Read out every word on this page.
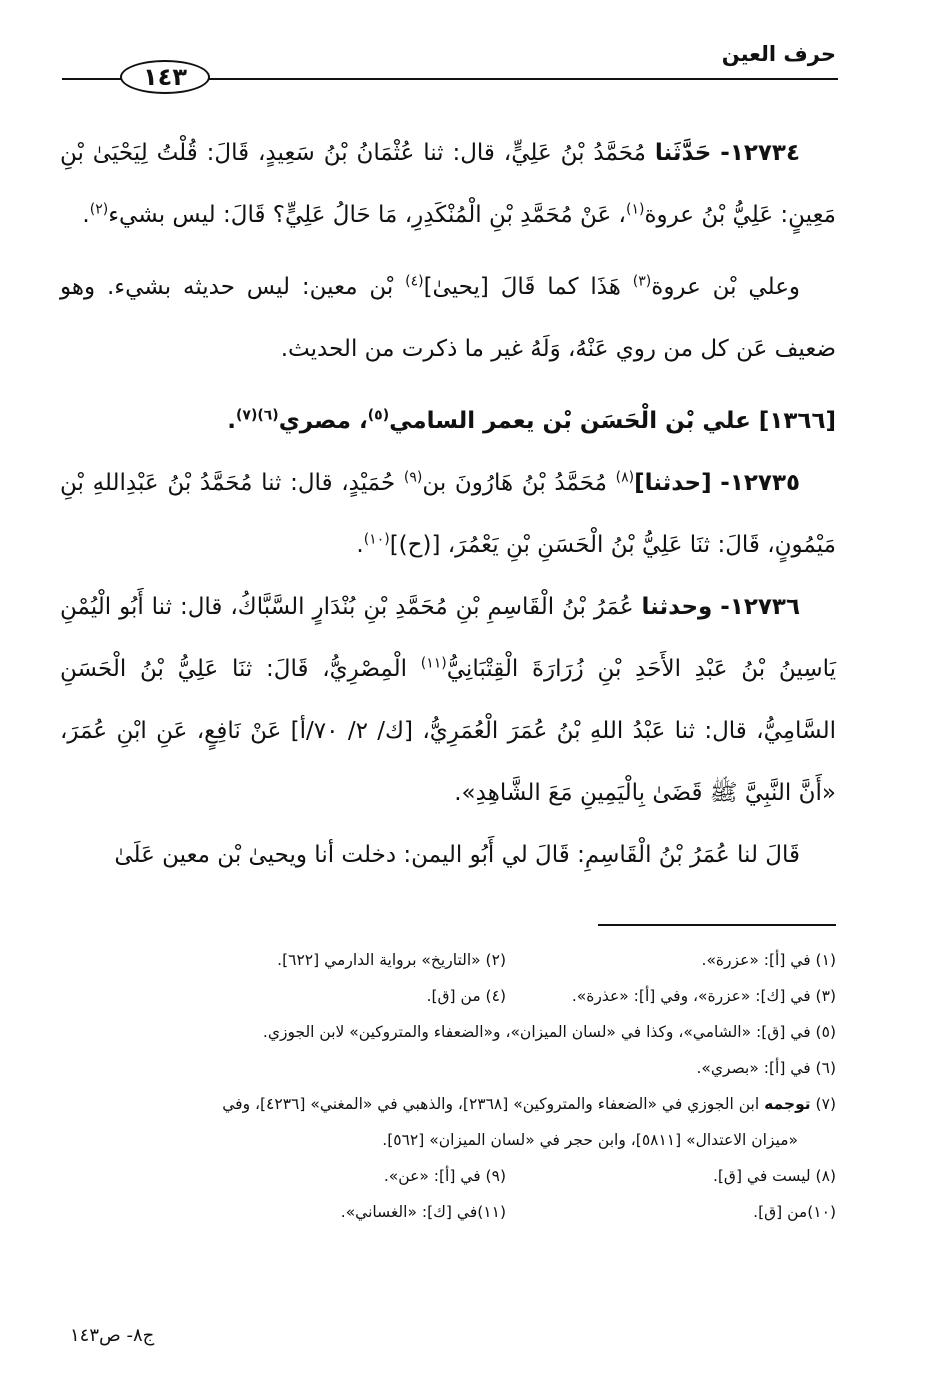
حرف العين
١٤٣

١٢٧٣٤- حَدَّثَنا مُحَمَّدُ بْنُ عَلِيٍّ، قال: ثنا عُثْمَانُ بْنُ سَعِيدٍ، قَالَ: قُلْتُ لِيَحْيَىٰ بْنِ مَعِينٍ: عَلِيُّ بْنُ عروة$^{(١)}$، عَنْ مُحَمَّدِ بْنِ الْمُنْكَدِرِ، مَا حَالُ عَلِيٍّ؟ قَالَ: ليس بشيء$^{(٢)}$.

وعلي بْن عروة$^{(٣)}$ هَذَا كما قَالَ [يحيىٰ]$^{(٤)}$ بْن معين: ليس حديثه بشيء. وهو ضعيف عَن كل من روي عَنْهُ، وَلَهُ غير ما ذكرت من الحديث.

[١٣٦٦] علي بْن الْحَسَن بْن يعمر السامي$^{(٥)}$، مصري$^{(٦)(٧)}$.

١٢٧٣٥- [حدثنا]$^{(٨)}$ مُحَمَّدُ بْنُ هَارُونَ بن$^{(٩)}$ حُمَيْدٍ، قال: ثنا مُحَمَّدُ بْنُ عَبْدِاللهِ بْنِ مَيْمُونٍ، قَالَ: ثنَا عَلِيُّ بْنُ الْحَسَنِ بْنِ يَعْمُرَ، [(ح)]$^{(١٠)}$.

١٢٧٣٦- وحدثنا عُمَرُ بْنُ الْقَاسِمِ بْنِ مُحَمَّدِ بْنِ بُنْدَارٍ السَّبَّاكُ، قال: ثنا أَبُو الْيُمْنِ يَاسِينُ بْنُ عَبْدِ الأَحَدِ بْنِ زُرَارَةَ الْقِتْبَانِيُّ$^{(١١)}$ الْمِصْرِيُّ، قَالَ: ثنَا عَلِيُّ بْنُ الْحَسَنِ السَّامِيُّ، قال: ثنا عَبْدُ اللهِ بْنُ عُمَرَ الْعُمَرِيُّ، [ك/ ٢/ ٧٠/أ] عَنْ نَافِعٍ، عَنِ ابْنِ عُمَرَ، «أَنَّ النَّبِيَّ ﷺ قَضَىٰ بِالْيَمِينِ مَعَ الشَّاهِدِ».

قَالَ لنا عُمَرُ بْنُ الْقَاسِمِ: قَالَ لي أَبُو اليمن: دخلت أنا ويحيىٰ بْن معين عَلَىٰ

(١) في [أ]: «عزرة».
(٢) «التاريخ» برواية الدارمي [٦٢٢].
(٣) في [ك]: «عزرة»، وفي [أ]: «عذرة».
(٤) من [ق].
(٥) في [ق]: «الشامي»، وكذا في «لسان الميزان»، و«الضعفاء والمتروكين» لابن الجوزي.
(٦) في [أ]: «بصري».
(٧) توجمه ابن الجوزي في «الضعفاء والمتروكين» [٢٣٦٨]، والذهبي في «المغني» [٤٢٣٦]، وفي
«ميزان الاعتدال» [٥٨١١]، وابن حجر في «لسان الميزان» [٥٦٢].
(٨) ليست في [ق].
(٩) في [أ]: «عن».
(١٠)من [ق].
(١١)في [ك]: «الغساني».
ج٨- ص١٤٣
